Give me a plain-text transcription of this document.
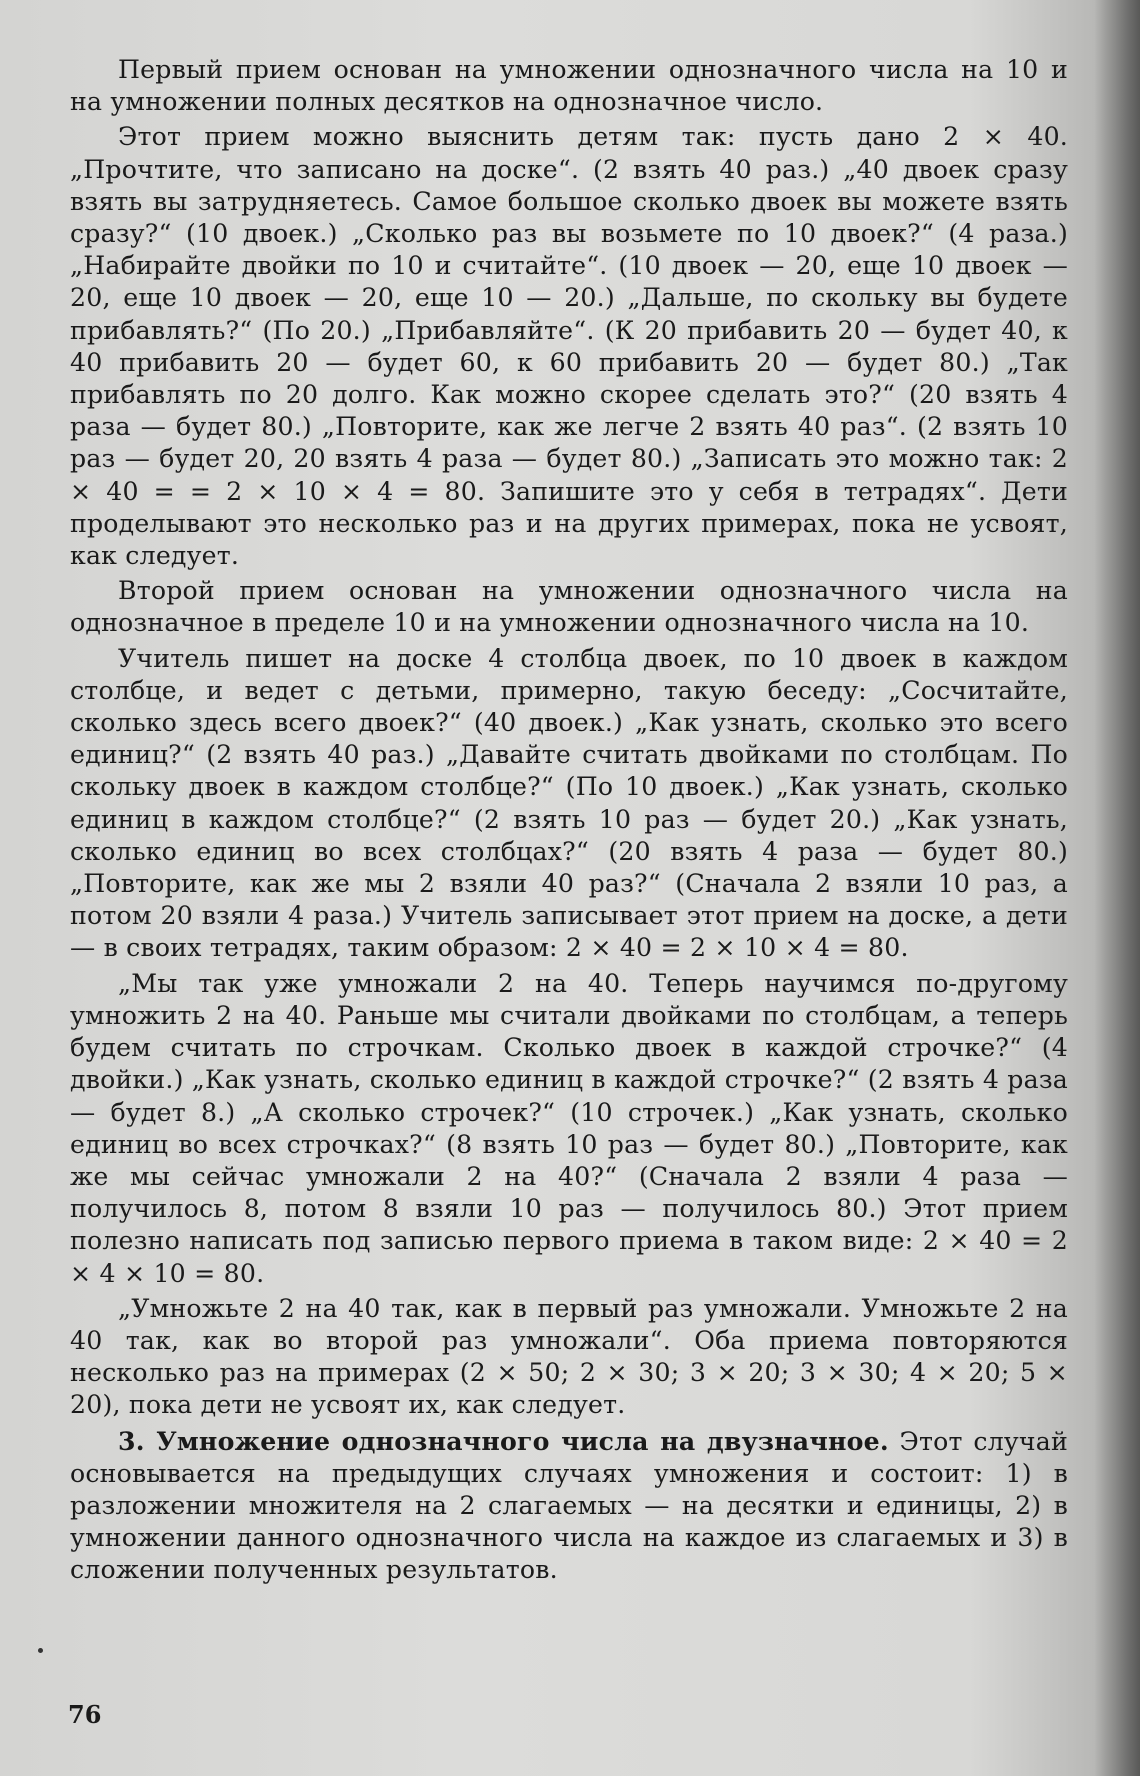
Первый прием основан на умножении однозначного числа на 10 и на умножении полных десятков на однозначное число.

Этот прием можно выяснить детям так: пусть дано 2 × 40. „Прочтите, что записано на доске“. (2 взять 40 раз.) „40 двоек сразу взять вы затрудняетесь. Самое большое сколько двоек вы можете взять сразу?“ (10 двоек.) „Сколько раз вы возьмете по 10 двоек?“ (4 раза.) „Набирайте двойки по 10 и считайте“. (10 двоек — 20, еще 10 двоек — 20, еще 10 двоек — 20, еще 10 — 20.) „Дальше, по скольку вы будете прибавлять?“ (По 20.) „Прибавляйте“. (К 20 прибавить 20 — будет 40, к 40 прибавить 20 — будет 60, к 60 прибавить 20 — будет 80.) „Так прибавлять по 20 долго. Как можно скорее сделать это?“ (20 взять 4 раза — будет 80.) „Повторите, как же легче 2 взять 40 раз“. (2 взять 10 раз — будет 20, 20 взять 4 раза — будет 80.) „Записать это можно так: 2 × 40 = = 2 × 10 × 4 = 80. Запишите это у себя в тетрадях“. Дети проделывают это несколько раз и на других примерах, пока не усвоят, как следует.

Второй прием основан на умножении однозначного числа на однозначное в пределе 10 и на умножении однозначного числа на 10.

Учитель пишет на доске 4 столбца двоек, по 10 двоек в каждом столбце, и ведет с детьми, примерно, такую беседу: „Сосчитайте, сколько здесь всего двоек?“ (40 двоек.) „Как узнать, сколько это всего единиц?“ (2 взять 40 раз.) „Давайте считать двойками по столбцам. По скольку двоек в каждом столбце?“ (По 10 двоек.) „Как узнать, сколько единиц в каждом столбце?“ (2 взять 10 раз — будет 20.) „Как узнать, сколько единиц во всех столбцах?“ (20 взять 4 раза — будет 80.) „Повторите, как же мы 2 взяли 40 раз?“ (Сначала 2 взяли 10 раз, а потом 20 взяли 4 раза.) Учитель записывает этот прием на доске, а дети — в своих тетрадях, таким образом: 2 × 40 = 2 × 10 × 4 = 80.

„Мы так уже умножали 2 на 40. Теперь научимся по-другому умножить 2 на 40. Раньше мы считали двойками по столбцам, а теперь будем считать по строчкам. Сколько двоек в каждой строчке?“ (4 двойки.) „Как узнать, сколько единиц в каждой строчке?“ (2 взять 4 раза — будет 8.) „А сколько строчек?“ (10 строчек.) „Как узнать, сколько единиц во всех строчках?“ (8 взять 10 раз — будет 80.) „Повторите, как же мы сейчас умножали 2 на 40?“ (Сначала 2 взяли 4 раза — получилось 8, потом 8 взяли 10 раз — получилось 80.) Этот прием полезно написать под записью первого приема в таком виде: 2 × 40 = 2 × 4 × 10 = 80.

„Умножьте 2 на 40 так, как в первый раз умножали. Умножьте 2 на 40 так, как во второй раз умножали“. Оба приема повторяются несколько раз на примерах (2 × 50; 2 × 30; 3 × 20; 3 × 30; 4 × 20; 5 × 20), пока дети не усвоят их, как следует.

3. Умножение однозначного числа на двузначное. Этот случай основывается на предыдущих случаях умножения и состоит: 1) в разложении множителя на 2 слагаемых — на десятки и единицы, 2) в умножении данного однозначного числа на каждое из слагаемых и 3) в сложении полученных результатов.

76
